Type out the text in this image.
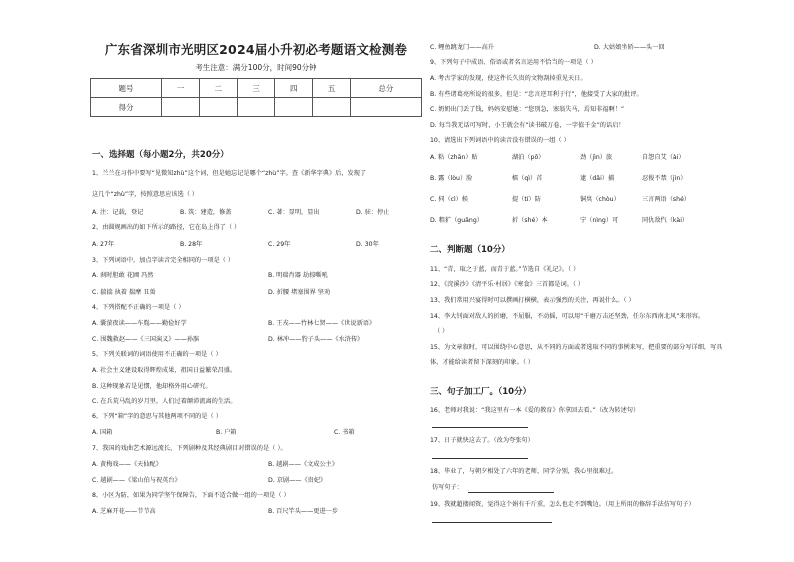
广东省深圳市光明区2024届小升初必考题语文检测卷
考生注意：满分100分，时间90分钟
题号	一	二	三	四	五	总分
得分						
一、选择题（每小题2分，共20分）
1、兰兰在习作中要写“见微知zhù”这个词，但是她忘记是哪个“zhù”字。查《新华字典》后，发现了
这几个“zhù”字，按照意思应该选（ ）
A. 注：记载，登记	B. 筑：建造，修盖	C. 著：显明，显出	D. 驻：停止
2、由圆规画出的如下所示的路径，它在岛上得了（ ）
A. 27年	B. 28年	C. 29年	D. 30年
3、下列词语中，加点字读音完全相同的一项是（ ）
A. 刹时胆敢 花圃 冯然	B. 明瑞肖器 劫掠嘶吼
C. 揣揣 执着 揣摩 丑蒉	D. 折腰 堵塞围界 坚劝
4、下列搭配不正确的一项是（ ）
A. 囊萤夜读——车胤——勤俭好学	B. 王戎——竹林七贤——《世说新语》
C. 围魏救赵——《三国演义》——孙膑	D. 林冲——豹子头——《水浒传》
5、下列关联词的词语使用不正确的一项是（ ）
A. 社会主义建设取得辉煌成果，祖国日益繁荣昌盛。
B. 这种现象若是见惯，他却格外用心研究。
C. 在兵荒马乱的岁月里，人们过着颠沛流离的生活。
6、下列“箱”字的意思与其他两项不同的是（ ）
A. 国箱	B. 户箱	C. 书箱
7、我国的戏曲艺术源远流长，下列剧种及其经典剧目对错误的是（ ）。
A. 黄梅戏——《天仙配》	B. 越剧——《文成公主》
C. 越剧——《梁山伯与祝英台》	D. 京剧——《贵妃》
8、小区为防，如果为同学坚午保障告，下面不适合做一组的一项是（ ）
A. 芝麻开花——节节高	B. 百尺竿头——更进一步
C. 鲤鱼跳龙门——高升	D. 大姑娘坐轿——头一回
9、下列句子中成语、俗语或者名言运用不恰当的一项是（ ）
A. 考古学家的发现，使这件长久贵的文物刮掉重见天日。
B. 有些诸葛亮所说的很多，但是：“忠言逆耳利于行”，他接受了大家的批评。
C. 奶奶出门丢了钱，妈妈安慰她：“您别急，塞翁失马，焉知非福啊！”
D. 每当我无话可写时，小王就会有“读书破万卷，一字值千金”的话启！
10、请选出下列词语中的读音没有错误的一组（ ）
A. 粘（zhān）贴	湖泊（pō）	劲（jìn）旅	自怨自艾（ài）
B. 露（lòu）脸	檑（qì）首	逮（dǎi）捕	忍俊不禁（jìn）
C. 伺（cì）候	提（tí）防	铜臭（chòu）	三言两语（shé）
D. 粗犷（guǎng）	折（shé）本	宁（nìng）可	同仇敌忾（kài）
二、判断题（10分）
11、“青，取之于蓝，而青于蓝。”节选自《礼记》。（ ）
12、《浣溪沙》《清平乐·村居》《寒食》三首都是词。（ ）
13、我们常用兴宴得时可以撰画打横横，表示强烈的关注，再说什么。（ ）
14、李大钊面对敌人的折磨，不屈服，不动摇，可以用“千磨万击还坚劲，任尔东西南北风”来形容。
（ ）
15、为文章叙时，可以围绕中心意思，从不同的方面或者选取不同的事例来写，把重要的部分写详细，写具
体，才能给读者留下深刻的印象。（ ）
三、句子加工厂。（10分）
16、老师对我说：“我这里有一本《爱的教育》你拿回去看。”（改为转述句）
17、日子就快这去了。（改为夸张句）
18、毕业了，与朝夕相处了六年的老师、同学分别，我心里很难过。
仿写句子：
19、我就超搂闻资，觉得这个娟有千斤重，怎么也走不到嘴边。（用上所用的修辞手法仿写句子）
